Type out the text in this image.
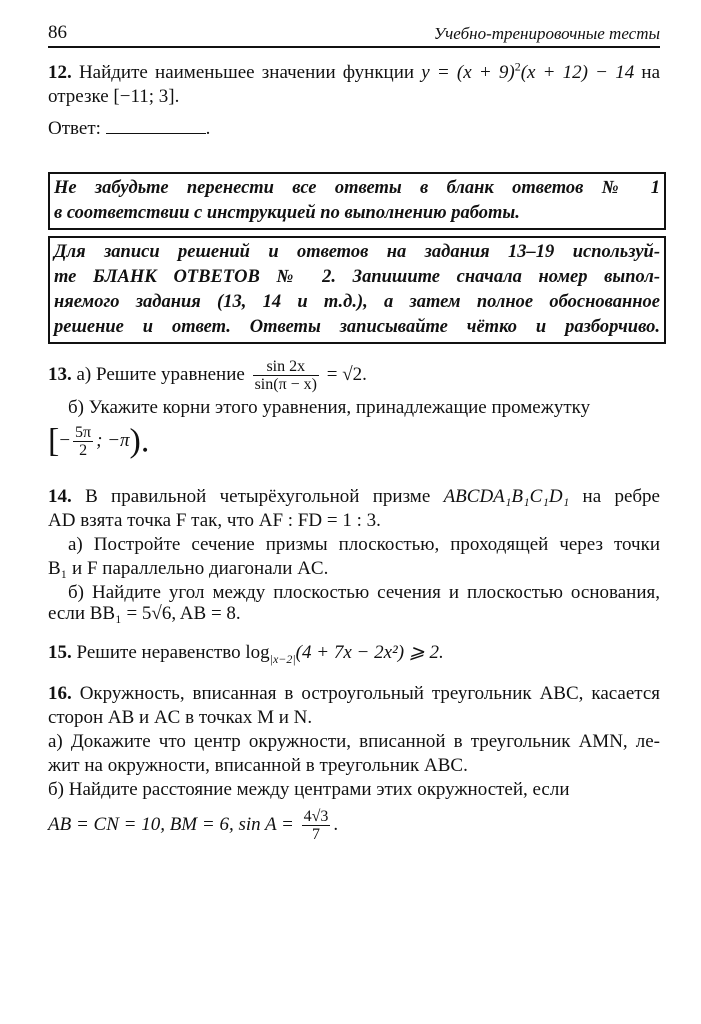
86	Учебно-тренировочные тесты
12. Найдите наименьшее значении функции $y = (x + 9)^2(x + 12) - 14$ на
отрезке [−11; 3].
Ответ:	.
Не забудьте перенести все ответы в бланк ответов № 1
в соответствии с инструкцией по выполнению работы.
Для записи решений и ответов на задания 13–19 используй-
те БЛАНК ОТВЕТОВ № 2. Запишите сначала номер выпол-
няемого задания (13, 14 и т.д.), а затем полное обоснованное
решение и ответ. Ответы записывайте чётко и разборчиво.
13. а) Решите уравнение $\frac{\sin 2x}{\sin(\pi - x)} = √2$.
б) Укажите корни этого уравнения, принадлежащие промежутку
[− $\frac{5\pi}{2}$ ; −π).
14. В правильной четырёхугольной призме ABCDA₁B₁C₁D₁ на ребре
AD взята точка F так, что AF : FD = 1 : 3.
а) Постройте сечение призмы плоскостью, проходящей через точки
B₁ и F параллельно диагонали AC.
б) Найдите угол между плоскостью сечения и плоскостью основания,
если BB₁ = 5√6, AB = 8.
15. Решите неравенство $\log_{|x-2|}(4 + 7x - 2x^2)$ ⩾ 2.
16. Окружность, вписанная в остроугольный треугольник ABC, касается
сторон AB и AC в точках M и N.
а) Докажите что центр окружности, вписанной в треугольник AMN, ле-
жит на окружности, вписанной в треугольник ABC.
б) Найдите расстояние между центрами этих окружностей, если
AB = CN = 10, BM = 6, $\sin A = \frac{4√3}{7}$ .
